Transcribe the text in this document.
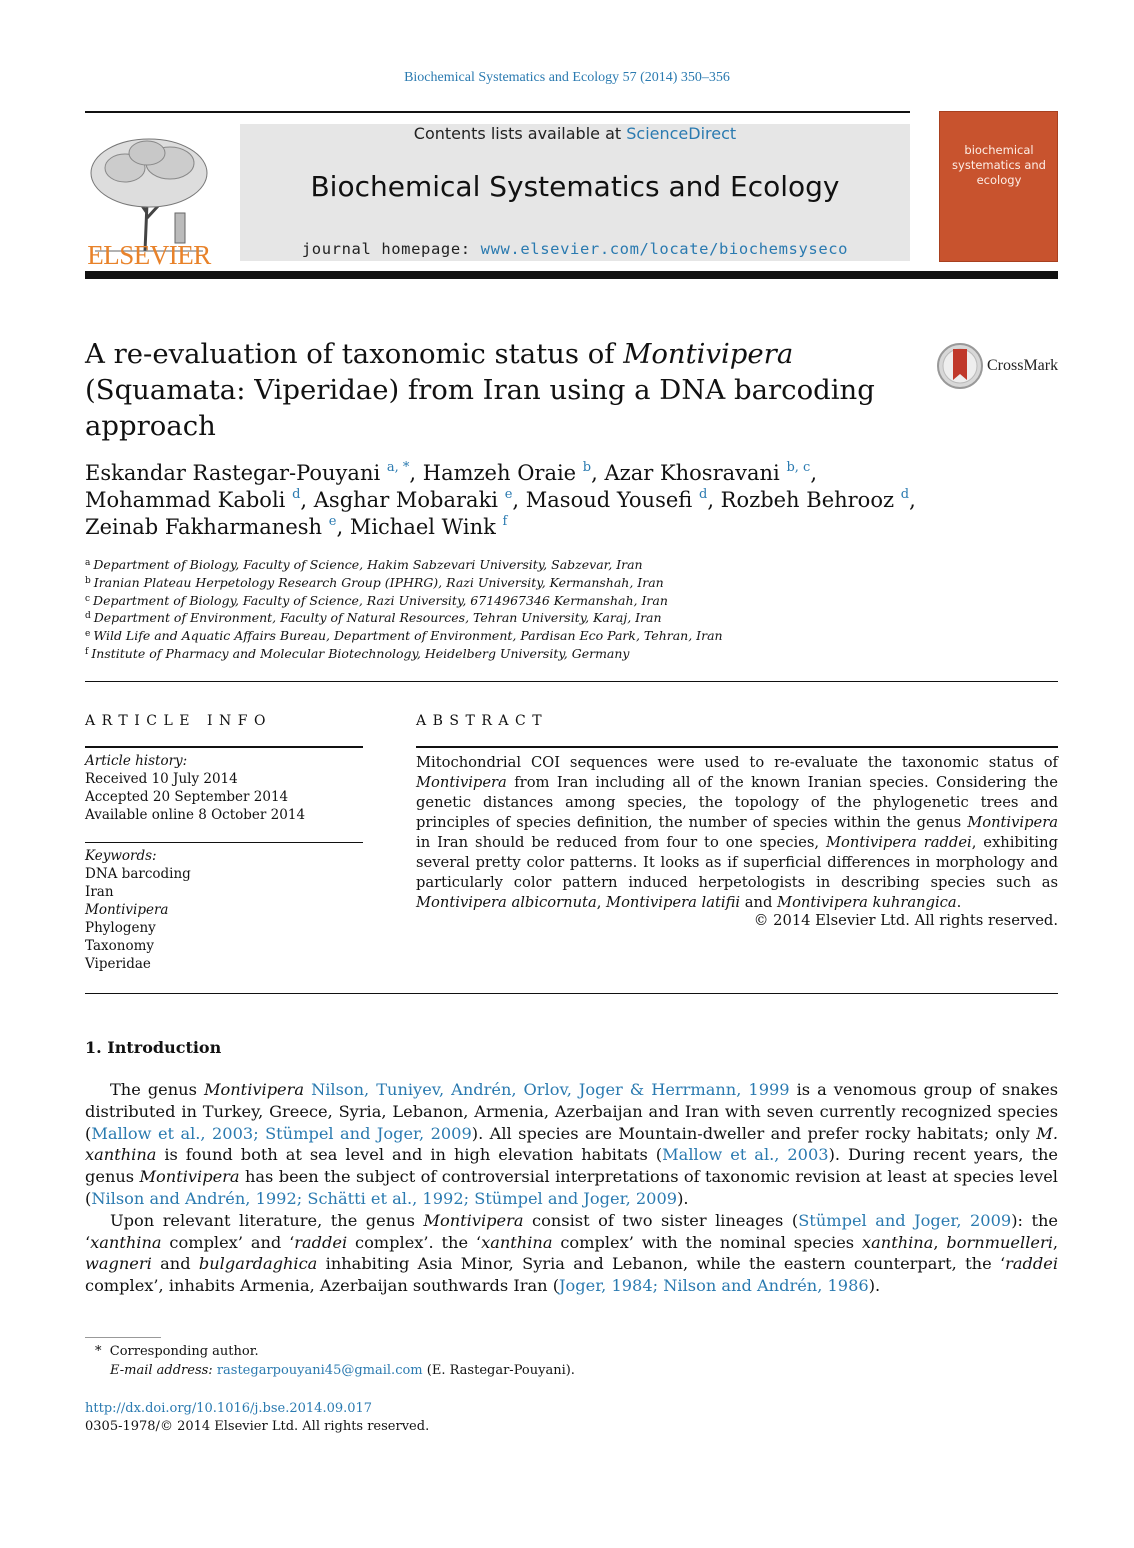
Biochemical Systematics and Ecology 57 (2014) 350–356
ELSEVIER
Contents lists available at ScienceDirect
Biochemical Systematics and Ecology
journal homepage: www.elsevier.com/locate/biochemsyseco
biochemical systematics and ecology
A re-evaluation of taxonomic status of Montivipera (Squamata: Viperidae) from Iran using a DNA barcoding approach
CrossMark
Eskandar Rastegar-Pouyani $^{a, *}$, Hamzeh Oraie $^b$, Azar Khosravani $^{b, c}$,
Mohammad Kaboli $^d$, Asghar Mobaraki $^e$, Masoud Yousefi $^d$, Rozbeh Behrooz $^d$,
Zeinab Fakharmanesh $^e$, Michael Wink $^f$
$^a$ Department of Biology, Faculty of Science, Hakim Sabzevari University, Sabzevar, Iran
$^b$ Iranian Plateau Herpetology Research Group (IPHRG), Razi University, Kermanshah, Iran
$^c$ Department of Biology, Faculty of Science, Razi University, 6714967346 Kermanshah, Iran
$^d$ Department of Environment, Faculty of Natural Resources, Tehran University, Karaj, Iran
$^e$ Wild Life and Aquatic Affairs Bureau, Department of Environment, Pardisan Eco Park, Tehran, Iran
$^f$ Institute of Pharmacy and Molecular Biotechnology, Heidelberg University, Germany
ARTICLE INFO
Article history:
Received 10 July 2014
Accepted 20 September 2014
Available online 8 October 2014
Keywords:
DNA barcoding
Iran
Montivipera
Phylogeny
Taxonomy
Viperidae
ABSTRACT
Mitochondrial COI sequences were used to re-evaluate the taxonomic status of Montivipera from Iran including all of the known Iranian species. Considering the genetic distances among species, the topology of the phylogenetic trees and principles of species definition, the number of species within the genus Montivipera in Iran should be reduced from four to one species, Montivipera raddei, exhibiting several pretty color patterns. It looks as if superficial differences in morphology and particularly color pattern induced herpetologists in describing species such as Montivipera albicornuta, Montivipera latifii and Montivipera kuhrangica.
© 2014 Elsevier Ltd. All rights reserved.
1. Introduction

The genus Montivipera Nilson, Tuniyev, Andrén, Orlov, Joger & Herrmann, 1999 is a venomous group of snakes distributed in Turkey, Greece, Syria, Lebanon, Armenia, Azerbaijan and Iran with seven currently recognized species (Mallow et al., 2003; Stümpel and Joger, 2009). All species are Mountain-dweller and prefer rocky habitats; only M. xanthina is found both at sea level and in high elevation habitats (Mallow et al., 2003). During recent years, the genus Montivipera has been the subject of controversial interpretations of taxonomic revision at least at species level (Nilson and Andrén, 1992; Schätti et al., 1992; Stümpel and Joger, 2009).

Upon relevant literature, the genus Montivipera consist of two sister lineages (Stümpel and Joger, 2009): the ‘xanthina complex’ and ‘raddei complex’. the ‘xanthina complex’ with the nominal species xanthina, bornmuelleri, wagneri and bulgardaghica inhabiting Asia Minor, Syria and Lebanon, while the eastern counterpart, the ‘raddei complex’, inhabits Armenia, Azerbaijan southwards Iran (Joger, 1984; Nilson and Andrén, 1986).

* Corresponding author.
E-mail address: rastegarpouyani45@gmail.com (E. Rastegar-Pouyani).
http://dx.doi.org/10.1016/j.bse.2014.09.017
0305-1978/© 2014 Elsevier Ltd. All rights reserved.
